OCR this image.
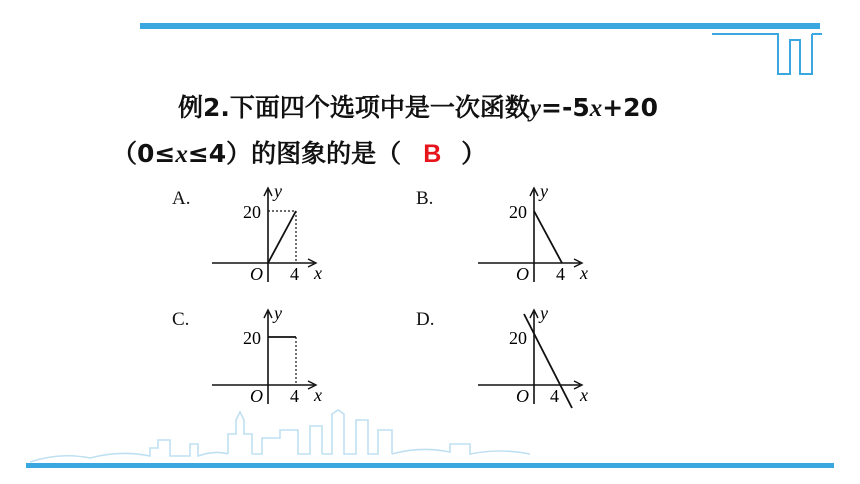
例2.下面四个选项中是一次函数y=-5x+20
（0≤x≤4）的图象的是（ B ）
A.	B.
C.	D.
y
x
O
20
4
y
x
O
20
4
y
x
O
20
4
y
x
O
20
4
